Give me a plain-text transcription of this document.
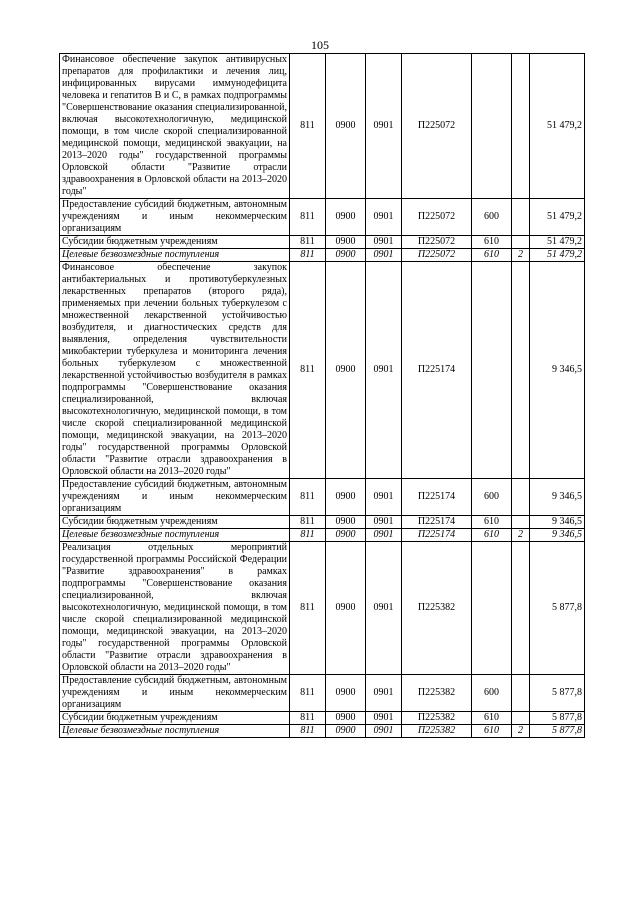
105
Финансовое обеспечение закупок антивирусных препаратов для профилактики и лечения лиц, инфицированных вирусами иммунодефицита человека и гепатитов B и C, в рамках подпрограммы "Совершенствование оказания специализированной, включая высокотехнологичную, медицинской помощи, в том числе скорой специализированной медицинской помощи, медицинской эвакуации, на 2013–2020 годы" государственной программы Орловской области "Развитие отрасли здравоохранения в Орловской области на 2013–2020 годы"	811	0900	0901	П225072			51 479,2
Предоставление субсидий бюджетным, автономным учреждениям и иным некоммерческим организациям	811	0900	0901	П225072	600		51 479,2
Субсидии бюджетным учреждениям	811	0900	0901	П225072	610		51 479,2
Целевые безвозмездные поступления	811	0900	0901	П225072	610	2	51 479,2
Финансовое обеспечение закупок антибактериальных и противотуберкулезных лекарственных препаратов (второго ряда), применяемых при лечении больных туберкулезом с множественной лекарственной устойчивостью возбудителя, и диагностических средств для выявления, определения чувствительности микобактерии туберкулеза и мониторинга лечения больных туберкулезом с множественной лекарственной устойчивостью возбудителя в рамках подпрограммы "Совершенствование оказания специализированной, включая высокотехнологичную, медицинской помощи, в том числе скорой специализированной медицинской помощи, медицинской эвакуации, на 2013–2020 годы" государственной программы Орловской области "Развитие отрасли здравоохранения в Орловской области на 2013–2020 годы"	811	0900	0901	П225174			9 346,5
Предоставление субсидий бюджетным, автономным учреждениям и иным некоммерческим организациям	811	0900	0901	П225174	600		9 346,5
Субсидии бюджетным учреждениям	811	0900	0901	П225174	610		9 346,5
Целевые безвозмездные поступления	811	0900	0901	П225174	610	2	9 346,5
Реализация отдельных мероприятий государственной программы Российской Федерации "Развитие здравоохранения" в рамках подпрограммы "Совершенствование оказания специализированной, включая высокотехнологичную, медицинской помощи, в том числе скорой специализированной медицинской помощи, медицинской эвакуации, на 2013–2020 годы" государственной программы Орловской области "Развитие отрасли здравоохранения в Орловской области на 2013–2020 годы"	811	0900	0901	П225382			5 877,8
Предоставление субсидий бюджетным, автономным учреждениям и иным некоммерческим организациям	811	0900	0901	П225382	600		5 877,8
Субсидии бюджетным учреждениям	811	0900	0901	П225382	610		5 877,8
Целевые безвозмездные поступления	811	0900	0901	П225382	610	2	5 877,8
